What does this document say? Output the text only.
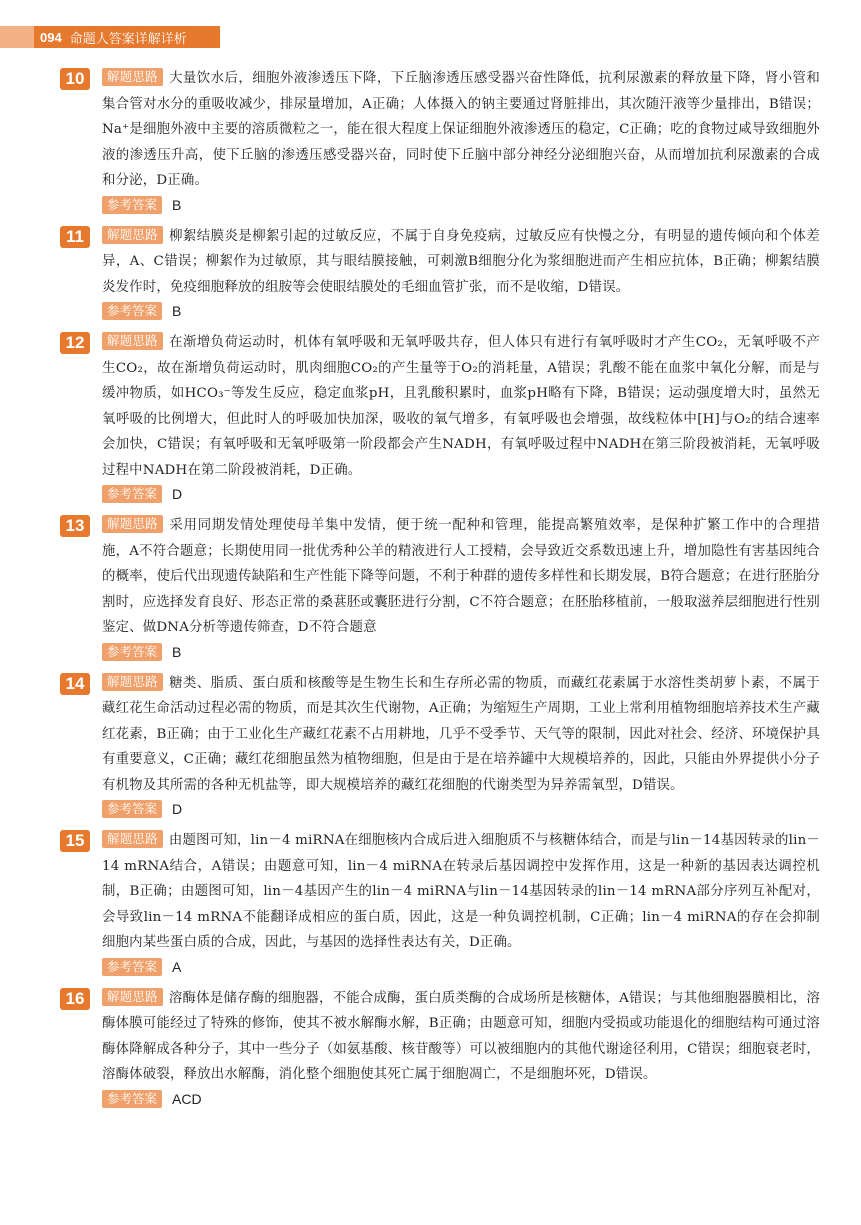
094 命题人答案详解详析
10	解题思路 大量饮水后，细胞外液渗透压下降，下丘脑渗透压感受器兴奋性降低，抗利尿激素的释放量下降，肾小管和集合管对水分的重吸收减少，排尿量增加，A正确；人体摄入的钠主要通过肾脏排出，其次随汗液等少量排出，B错误；Na⁺是细胞外液中主要的溶质微粒之一，能在很大程度上保证细胞外液渗透压的稳定，C正确；吃的食物过咸导致细胞外液的渗透压升高，使下丘脑的渗透压感受器兴奋，同时使下丘脑中部分神经分泌细胞兴奋，从而增加抗利尿激素的合成和分泌，D正确。

参考答案	B
11	解题思路 柳絮结膜炎是柳絮引起的过敏反应，不属于自身免疫病，过敏反应有快慢之分，有明显的遗传倾向和个体差异，A、C错误；柳絮作为过敏原，其与眼结膜接触，可刺激B细胞分化为浆细胞进而产生相应抗体，B正确；柳絮结膜炎发作时，免疫细胞释放的组胺等会使眼结膜处的毛细血管扩张，而不是收缩，D错误。

参考答案	B
12	解题思路 在渐增负荷运动时，机体有氧呼吸和无氧呼吸共存，但人体只有进行有氧呼吸时才产生CO₂，无氧呼吸不产生CO₂，故在渐增负荷运动时，肌肉细胞CO₂的产生量等于O₂的消耗量，A错误；乳酸不能在血浆中氧化分解，而是与缓冲物质，如HCO₃⁻等发生反应，稳定血浆pH，且乳酸积累时，血浆pH略有下降，B错误；运动强度增大时，虽然无氧呼吸的比例增大，但此时人的呼吸加快加深，吸收的氧气增多，有氧呼吸也会增强，故线粒体中[H]与O₂的结合速率会加快，C错误；有氧呼吸和无氧呼吸第一阶段都会产生NADH，有氧呼吸过程中NADH在第三阶段被消耗，无氧呼吸过程中NADH在第二阶段被消耗，D正确。

参考答案	D
13	解题思路 采用同期发情处理使母羊集中发情，便于统一配种和管理，能提高繁殖效率，是保种扩繁工作中的合理措施，A不符合题意；长期使用同一批优秀种公羊的精液进行人工授精，会导致近交系数迅速上升，增加隐性有害基因纯合的概率，使后代出现遗传缺陷和生产性能下降等问题，不利于种群的遗传多样性和长期发展，B符合题意；在进行胚胎分割时，应选择发育良好、形态正常的桑葚胚或囊胚进行分割，C不符合题意；在胚胎移植前，一般取滋养层细胞进行性别鉴定、做DNA分析等遗传筛查，D不符合题意

参考答案	B
14	解题思路 糖类、脂质、蛋白质和核酸等是生物生长和生存所必需的物质，而藏红花素属于水溶性类胡萝卜素，不属于藏红花生命活动过程必需的物质，而是其次生代谢物，A正确；为缩短生产周期，工业上常利用植物细胞培养技术生产藏红花素，B正确；由于工业化生产藏红花素不占用耕地，几乎不受季节、天气等的限制，因此对社会、经济、环境保护具有重要意义，C正确；藏红花细胞虽然为植物细胞，但是由于是在培养罐中大规模培养的，因此，只能由外界提供小分子有机物及其所需的各种无机盐等，即大规模培养的藏红花细胞的代谢类型为异养需氧型，D错误。

参考答案	D
15	解题思路 由题图可知，lin－4 miRNA在细胞核内合成后进入细胞质不与核糖体结合，而是与lin－14基因转录的lin－14 mRNA结合，A错误；由题意可知，lin－4 miRNA在转录后基因调控中发挥作用，这是一种新的基因表达调控机制，B正确；由题图可知，lin－4基因产生的lin－4 miRNA与lin－14基因转录的lin－14 mRNA部分序列互补配对，会导致lin－14 mRNA不能翻译成相应的蛋白质，因此，这是一种负调控机制，C正确；lin－4 miRNA的存在会抑制细胞内某些蛋白质的合成，因此，与基因的选择性表达有关，D正确。

参考答案	A
16	解题思路 溶酶体是储存酶的细胞器，不能合成酶，蛋白质类酶的合成场所是核糖体，A错误；与其他细胞器膜相比，溶酶体膜可能经过了特殊的修饰，使其不被水解酶水解，B正确；由题意可知，细胞内受损或功能退化的细胞结构可通过溶酶体降解成各种分子，其中一些分子（如氨基酸、核苷酸等）可以被细胞内的其他代谢途径利用，C错误；细胞衰老时，溶酶体破裂，释放出水解酶，消化整个细胞使其死亡属于细胞凋亡，不是细胞坏死，D错误。

参考答案	ACD
